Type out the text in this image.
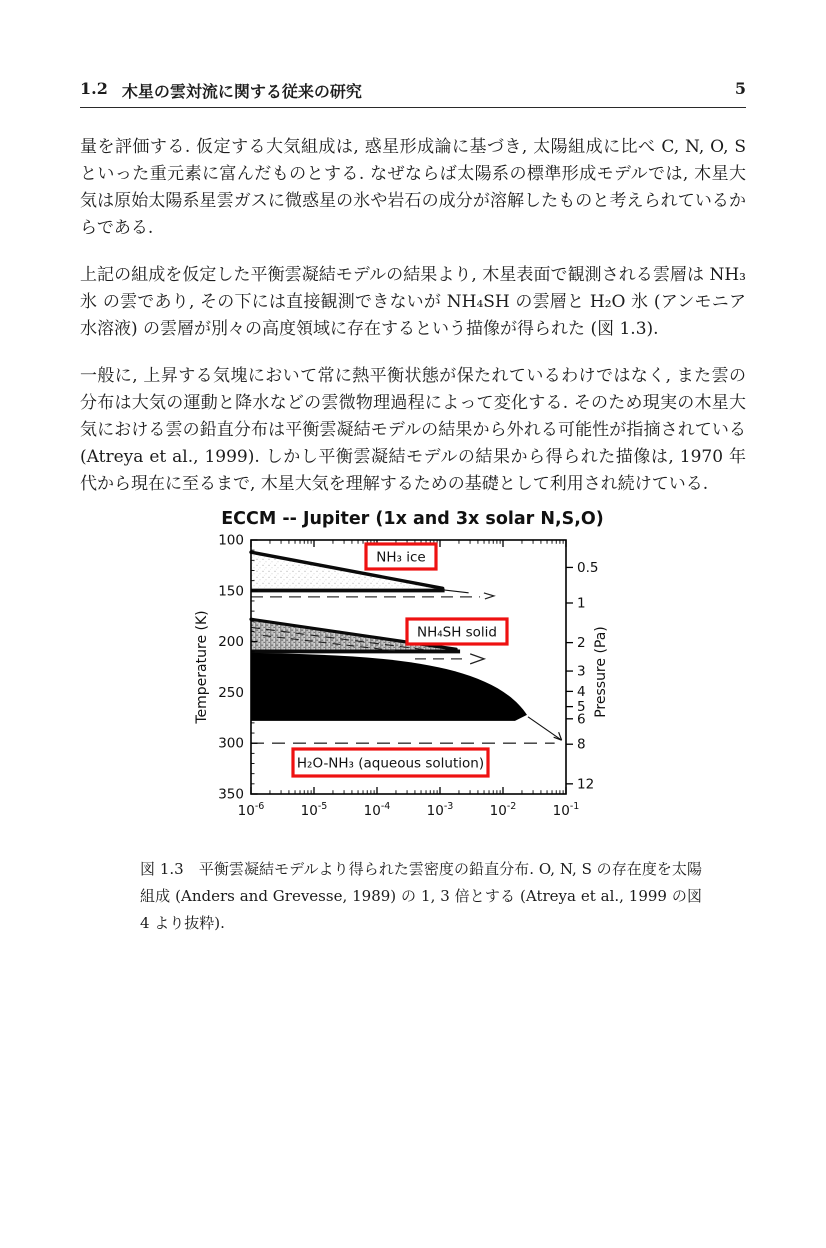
1.2 木星の雲対流に関する従来の研究	5

量を評価する. 仮定する大気組成は, 惑星形成論に基づき, 太陽組成に比べ C, N, O, S といった重元素に富んだものとする. なぜならば太陽系の標準形成モデルでは, 木星大気は原始太陽系星雲ガスに微惑星の氷や岩石の成分が溶解したものと考えられているからである.

上記の組成を仮定した平衡雲凝結モデルの結果より, 木星表面で観測される雲層は NH₃ 氷 の雲であり, その下には直接観測できないが NH₄SH の雲層と H₂O 氷 (アンモニア水溶液) の雲層が別々の高度領域に存在するという描像が得られた (図 1.3).

一般に, 上昇する気塊において常に熱平衡状態が保たれているわけではなく, また雲の分布は大気の運動と降水などの雲微物理過程によって変化する. そのため現実の木星大気における雲の鉛直分布は平衡雲凝結モデルの結果から外れる可能性が指摘されている (Atreya et al., 1999). しかし平衡雲凝結モデルの結果から得られた描像は, 1970 年代から現在に至るまで, 木星大気を理解するための基礎として利用され続けている.

$10^{-6}$	$10^{-5}$	$10^{-4}$	$10^{-3}$	$10^{-2}$	$10^{-1}$
100
150
200
250
300
350
0.5
1
2
3
4
5
6
8
12
ECCM -- Jupiter (1x and 3x solar N,S,O)
Temperature (K)	Pressure (Pa)
NH₃ ice
NH₄SH solid
H₂O-NH₃ (aqueous solution)

図 1.3　平衡雲凝結モデルより得られた雲密度の鉛直分布. O, N, S の存在度を太陽組成 (Anders and Grevesse, 1989) の 1, 3 倍とする (Atreya et al., 1999 の図 4 より抜粋).
